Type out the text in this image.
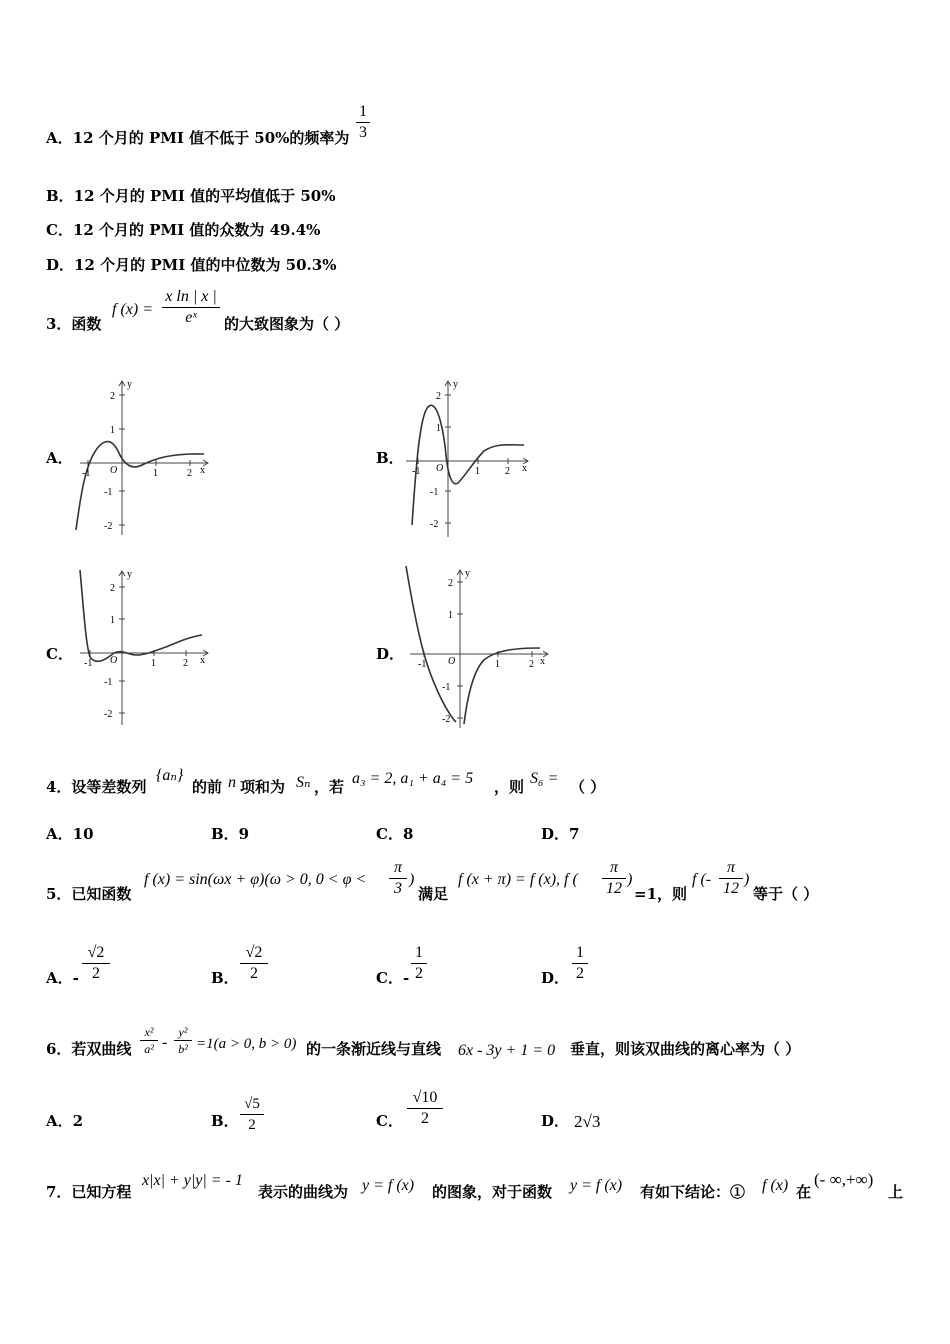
A．12 个月的 PMI 值不低于 50%的频率为 $\frac{1}{3}$
B．12 个月的 PMI 值的平均值低于 50%
C．12 个月的 PMI 值的众数为 49.4%
D．12 个月的 PMI 值的中位数为 50.3%
3．函数
f $(x) = \frac{\text{x ln | x |}}{\text{eˣ}}$ 的大致图象为（ ）
A．	B．
C．	D．
y
x
O	1	2
-1
2
1
-1
-2
y
x
O	1	2
-1
2
1
-1
-2
y
x
O	1	2
-1
2
1
-1
-2
y
x
O	1	2
-1
2
1
-1
-2
4．设等差数列
{aₙ}
的前 n 项和为 Sₙ ，若 a₃ = 2, a₁ + a₄ = 5 ，则 S₆ = （ ）
A．10	B．9	C．8	D．7
5．已知函数
f (x) = sin(ωx + φ)(ω > 0, $0 < \varphi < \frac{\pi}{3}$ )
满足
f (x + π) = f (x), f ( $\frac{\pi}{12}$ )
=1，则
f (- $\frac{\pi}{12}$ )
等于（ ）
A．- $\frac{√2}{2}$	B． $\frac{√2}{2}$	C．- $\frac{1}{2}$	D． $\frac{1}{2}$
6．若双曲线 $\frac{\text{x²}}{\text{a²}} - \frac{\text{y²}}{\text{b²}} =1(a > 0$, b > 0) 的一条渐近线与直线 6x - 3y + 1 = 0 垂直，则该双曲线的离心率为（ ）
A．2	B． $\frac{√5}{2}$	C． $\frac{√10}{2}$	D． 2√3
7．已知方程
x|x| + y|y| = - 1
表示的曲线为 y = f (x) 的图象，对于函数 y = f (x) 有如下结论：① f (x) 在
(- ∞,+∞)
上
